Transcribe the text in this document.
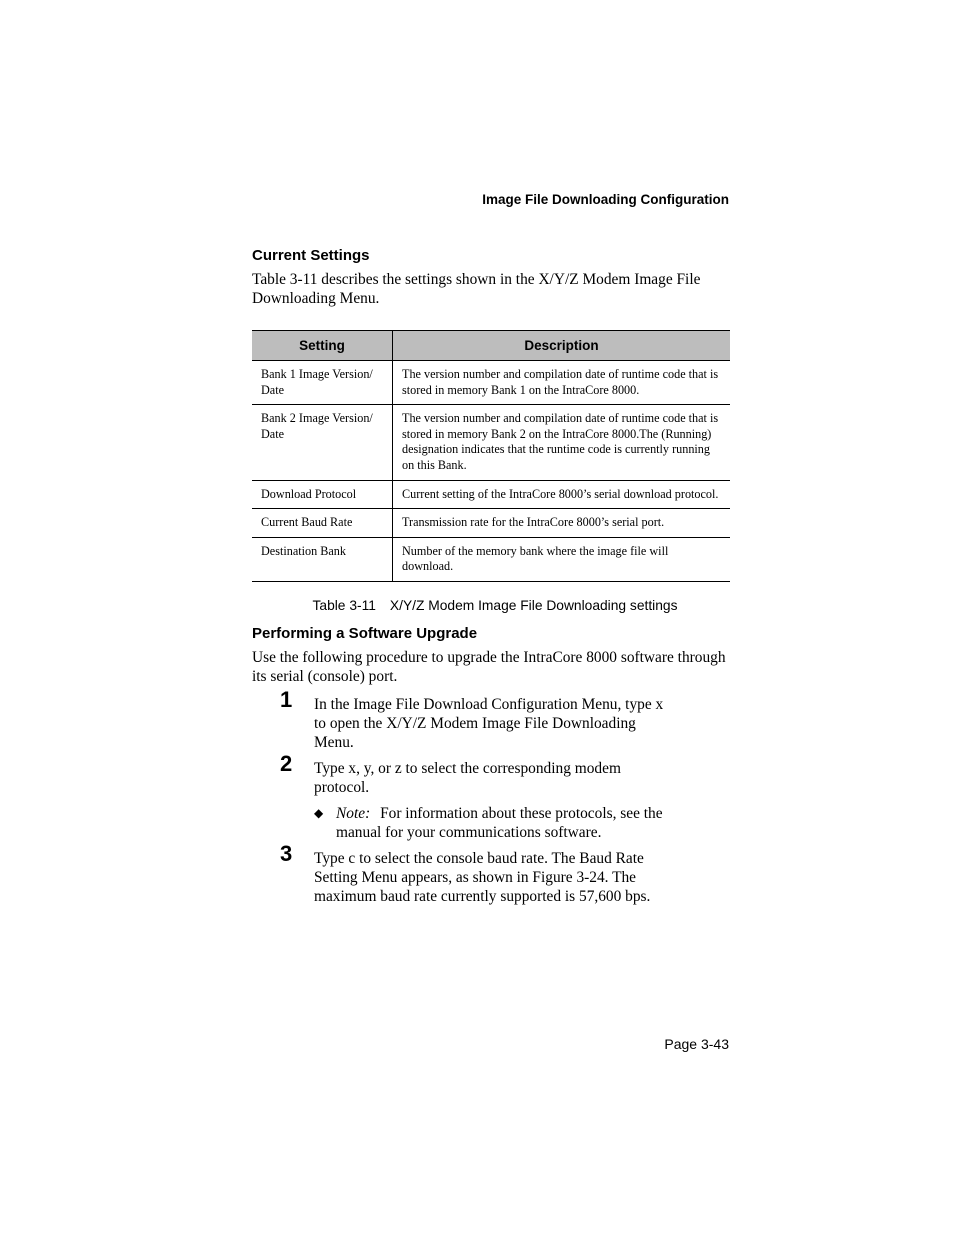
Image File Downloading Configuration
Current Settings

Table 3-11 describes the settings shown in the X/Y/Z Modem Image File Downloading Menu.

Setting	Description
Bank 1 Image Version/ Date	The version number and compilation date of runtime code that is stored in memory Bank 1 on the IntraCore 8000.
Bank 2 Image Version/ Date	The version number and compilation date of runtime code that is stored in memory Bank 2 on the IntraCore 8000.The (Running) designation indicates that the runtime code is currently running on this Bank.
Download Protocol	Current setting of the IntraCore 8000’s serial download protocol.
Current Baud Rate	Transmission rate for the IntraCore 8000’s serial port.
Destination Bank	Number of the memory bank where the image file will download.
Table 3-11 X/Y/Z Modem Image File Downloading settings
Performing a Software Upgrade

Use the following procedure to upgrade the IntraCore 8000 software through its serial (console) port.

1 In the Image File Download Configuration Menu, type x to open the X/Y/Z Modem Image File Downloading Menu.
2 Type x, y, or z to select the corresponding modem protocol.
◆ Note: For information about these protocols, see the manual for your communications software.
3 Type c to select the console baud rate. The Baud Rate Setting Menu appears, as shown in Figure 3-24. The maximum baud rate currently supported is 57,600 bps.
Page 3-43
